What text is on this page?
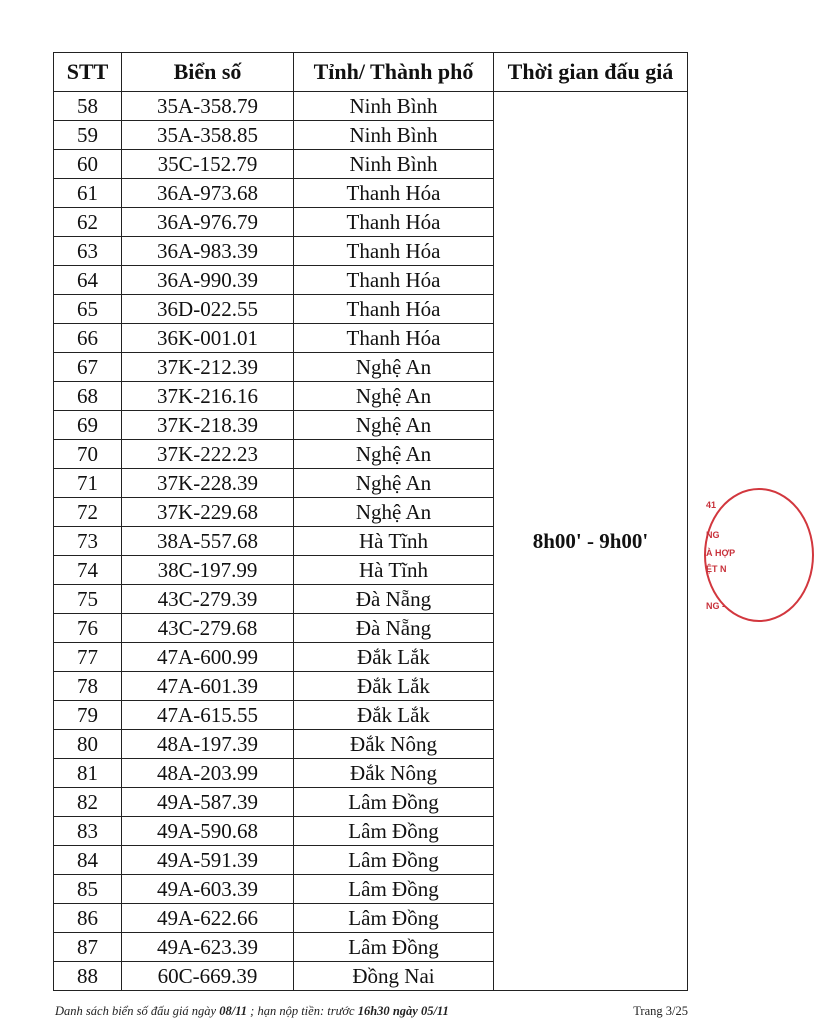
STT	Biển số	Tỉnh/ Thành phố	Thời gian đấu giá
58	35A-358.79	Ninh Bình	8h00' - 9h00'
59	35A-358.85	Ninh Bình	
60	35C-152.79	Ninh Bình	
61	36A-973.68	Thanh Hóa	
62	36A-976.79	Thanh Hóa	
63	36A-983.39	Thanh Hóa	
64	36A-990.39	Thanh Hóa	
65	36D-022.55	Thanh Hóa	
66	36K-001.01	Thanh Hóa	
67	37K-212.39	Nghệ An	
68	37K-216.16	Nghệ An	
69	37K-218.39	Nghệ An	
70	37K-222.23	Nghệ An	
71	37K-228.39	Nghệ An	
72	37K-229.68	Nghệ An	
73	38A-557.68	Hà Tĩnh	
74	38C-197.99	Hà Tĩnh	
75	43C-279.39	Đà Nẵng	
76	43C-279.68	Đà Nẵng	
77	47A-600.99	Đắk Lắk	
78	47A-601.39	Đắk Lắk	
79	47A-615.55	Đắk Lắk	
80	48A-197.39	Đắk Nông	
81	48A-203.99	Đắk Nông	
82	49A-587.39	Lâm Đồng	
83	49A-590.68	Lâm Đồng	
84	49A-591.39	Lâm Đồng	
85	49A-603.39	Lâm Đồng	
86	49A-622.66	Lâm Đồng	
87	49A-623.39	Lâm Đồng	
88	60C-669.39	Đồng Nai	
Danh sách biển số đấu giá ngày 08/11 ; hạn nộp tiền: trước 16h30 ngày 05/11	Trang 3/25
41
NG
À HỢP
ỆT N
NG -
